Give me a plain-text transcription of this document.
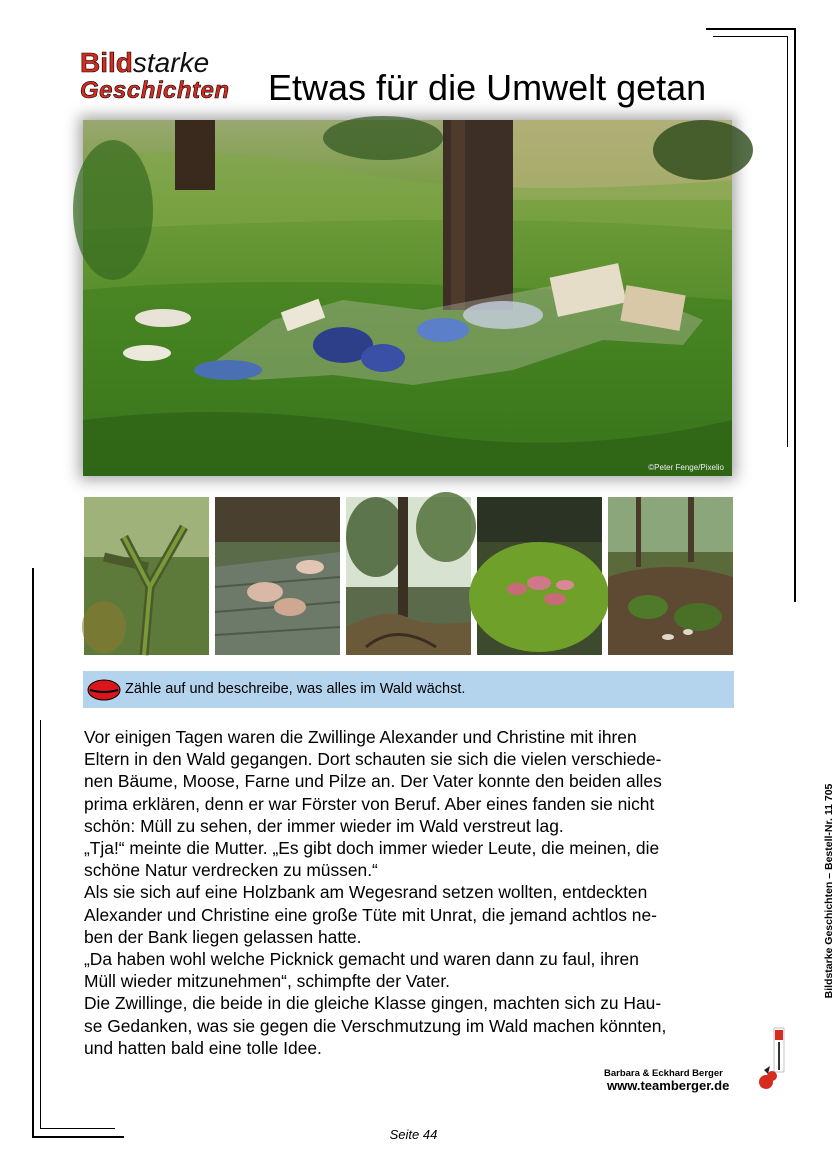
Bildstarke
Geschichten Etwas für die Umwelt getan
©Peter Fenge/Pixelio
Zähle auf und beschreibe, was alles im Wald wächst.

Vor einigen Tagen waren die Zwillinge Alexander und Christine mit ihren

Eltern in den Wald gegangen. Dort schauten sie sich die vielen verschiede-

nen Bäume, Moose, Farne und Pilze an. Der Vater konnte den beiden alles

prima erklären, denn er war Förster von Beruf. Aber eines fanden sie nicht

schön: Müll zu sehen, der immer wieder im Wald verstreut lag.

„Tja!“ meinte die Mutter. „Es gibt doch immer wieder Leute, die meinen, die

schöne Natur verdrecken zu müssen.“

Als sie sich auf eine Holzbank am Wegesrand setzen wollten, entdeckten

Alexander und Christine eine große Tüte mit Unrat, die jemand achtlos ne-

ben der Bank liegen gelassen hatte.

„Da haben wohl welche Picknick gemacht und waren dann zu faul, ihren

Müll wieder mitzunehmen“, schimpfte der Vater.

Die Zwillinge, die beide in die gleiche Klasse gingen, machten sich zu Hau-

se Gedanken, was sie gegen die Verschmutzung im Wald machen könnten,

und hatten bald eine tolle Idee.

Barbara & Eckhard Berger
www.teamberger.de
Bildstarke Geschichten – Bestell-Nr. 11 705
Seite 44
